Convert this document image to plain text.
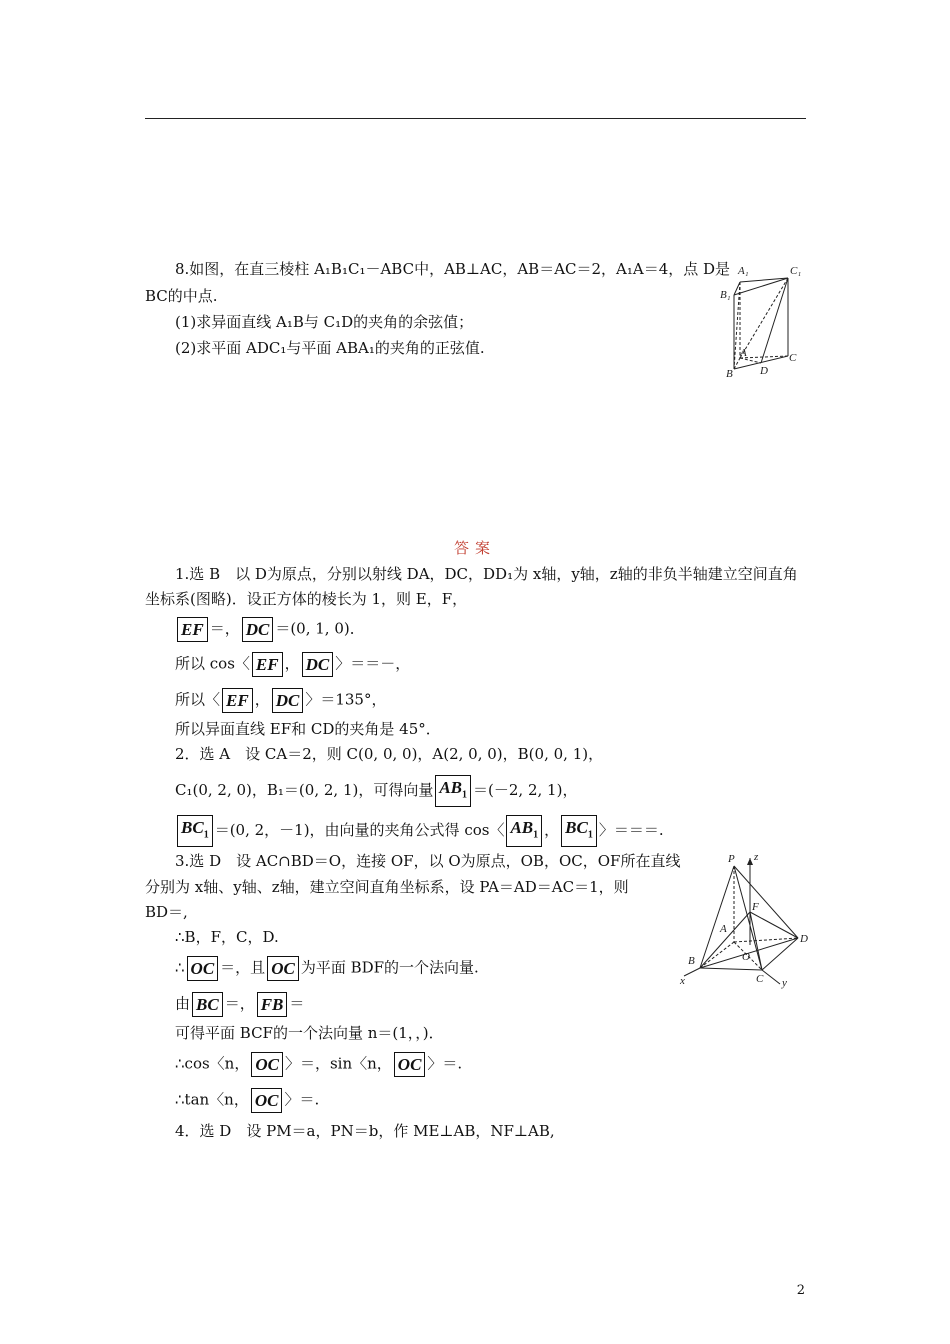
8.如图，在直三棱柱 A₁B₁C₁－ABC中，AB⊥AC，AB＝AC＝2，A₁A＝4，点 D是
BC的中点.
(1)求异面直线 A₁B与 C₁D的夹角的余弦值；
(2)求平面 ADC₁与平面 ABA₁的夹角的正弦值.
A₁	C₁
B₁
A	C
B D
答案
1.选 B　以 D为原点，分别以射线 DA，DC，DD₁为 x轴，y轴，z轴的非负半轴建立空间直角
坐标系(图略)．设正方体的棱长为 1，则 E，F，
EF ＝， DC ＝(0, 1, 0)．
所以 cos〈 EF ， DC 〉＝＝－，
所以〈 EF ， DC 〉＝135°，
所以异面直线 EF和 CD的夹角是 45°．
2．选 A　设 CA＝2，则 C(0, 0, 0)，A(2, 0, 0)，B(0, 0, 1)，
C₁(0, 2, 0)，B₁＝(0, 2, 1)，可得向量 $AB_1 =(-2$, 2, 1)，
$BC_1 =(0$, 2，－1)，由向量的夹角公式得 cos〈 $AB_1$ ， $BC_1$ 〉＝＝＝.
3.选 D　设 AC∩BD＝O，连接 OF，以 O为原点，OB，OC，OF所在直线
分别为 x轴、y轴、z轴，建立空间直角坐标系，设 PA＝AD＝AC＝1，则
BD＝,
∴B，F，C，D.
∴ OC ＝，且 OC 为平面 BDF的一个法向量.
由 BC ＝， FB ＝
可得平面 BCF的一个法向量 n＝(1，，)．
∴cos〈n， OC 〉＝，sin〈n， OC 〉＝.
∴tan〈n， OC 〉＝.
P z
F
A
D
B	O
x	C y
4．选 D　设 PM＝a，PN＝b，作 ME⊥AB，NF⊥AB,
2
